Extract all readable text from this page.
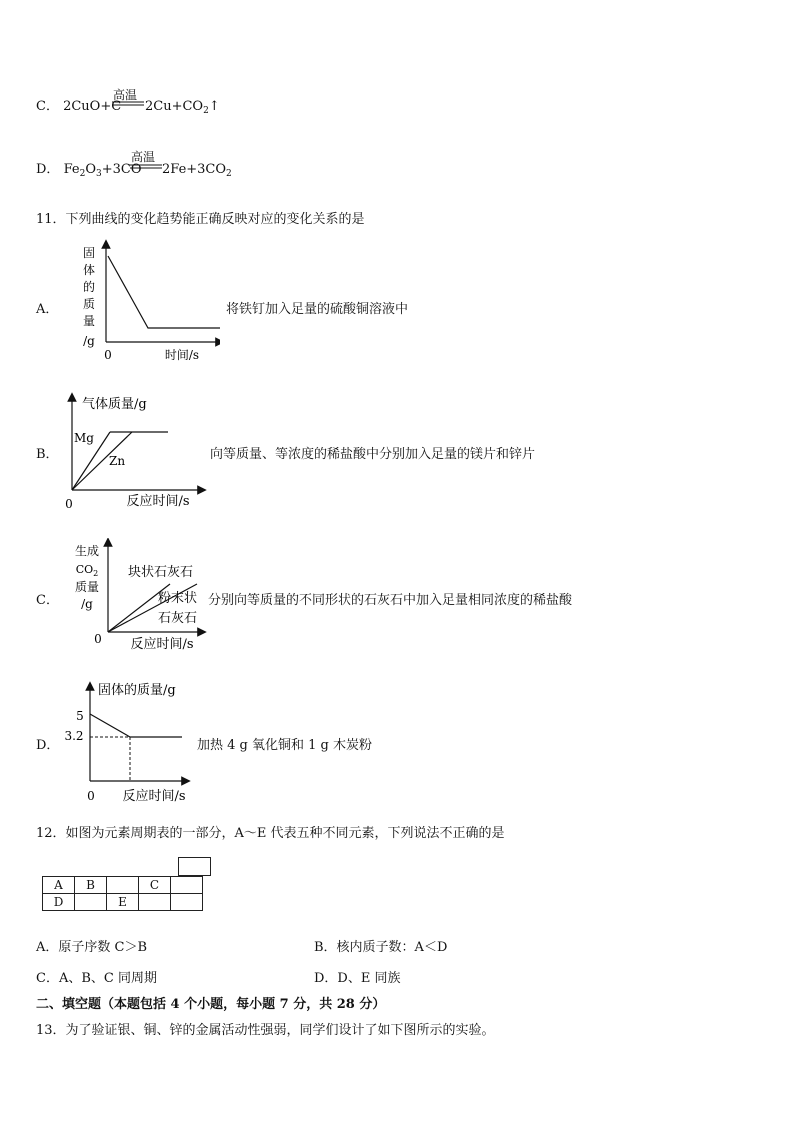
C． 2CuO+C
高温
$2Cu+CO_2↑$
D． $Fe_2O_3+3CO$
高温
$2Fe+3CO_2$
11．下列曲线的变化趋势能正确反映对应的变化关系的是
A．
固
体
的
质
量
/g
0	时间/s
将铁钉加入足量的硫酸铜溶液中
B．
气体质量/g
Mg
Zn
0	反应时间/s
向等质量、等浓度的稀盐酸中分别加入足量的镁片和锌片
C．
生成
$CO_2$
质量
/g
块状石灰石
粉末状
石灰石
0 反应时间/s
分别向等质量的不同形状的石灰石中加入足量相同浓度的稀盐酸
D．
固体的质量/g
5
3.2
0 反应时间/s
加热 4 g 氧化铜和 1 g 木炭粉
12．如图为元素周期表的一部分，A～E 代表五种不同元素，下列说法不正确的是
A	B		C	
D		E		
A．原子序数 C＞B	B．核内质子数：A＜D
C．A、B、C 同周期	D．D、E 同族
二、填空题（本题包括 4 个小题，每小题 7 分，共 28 分）
13．为了验证银、铜、锌的金属活动性强弱，同学们设计了如下图所示的实验。
